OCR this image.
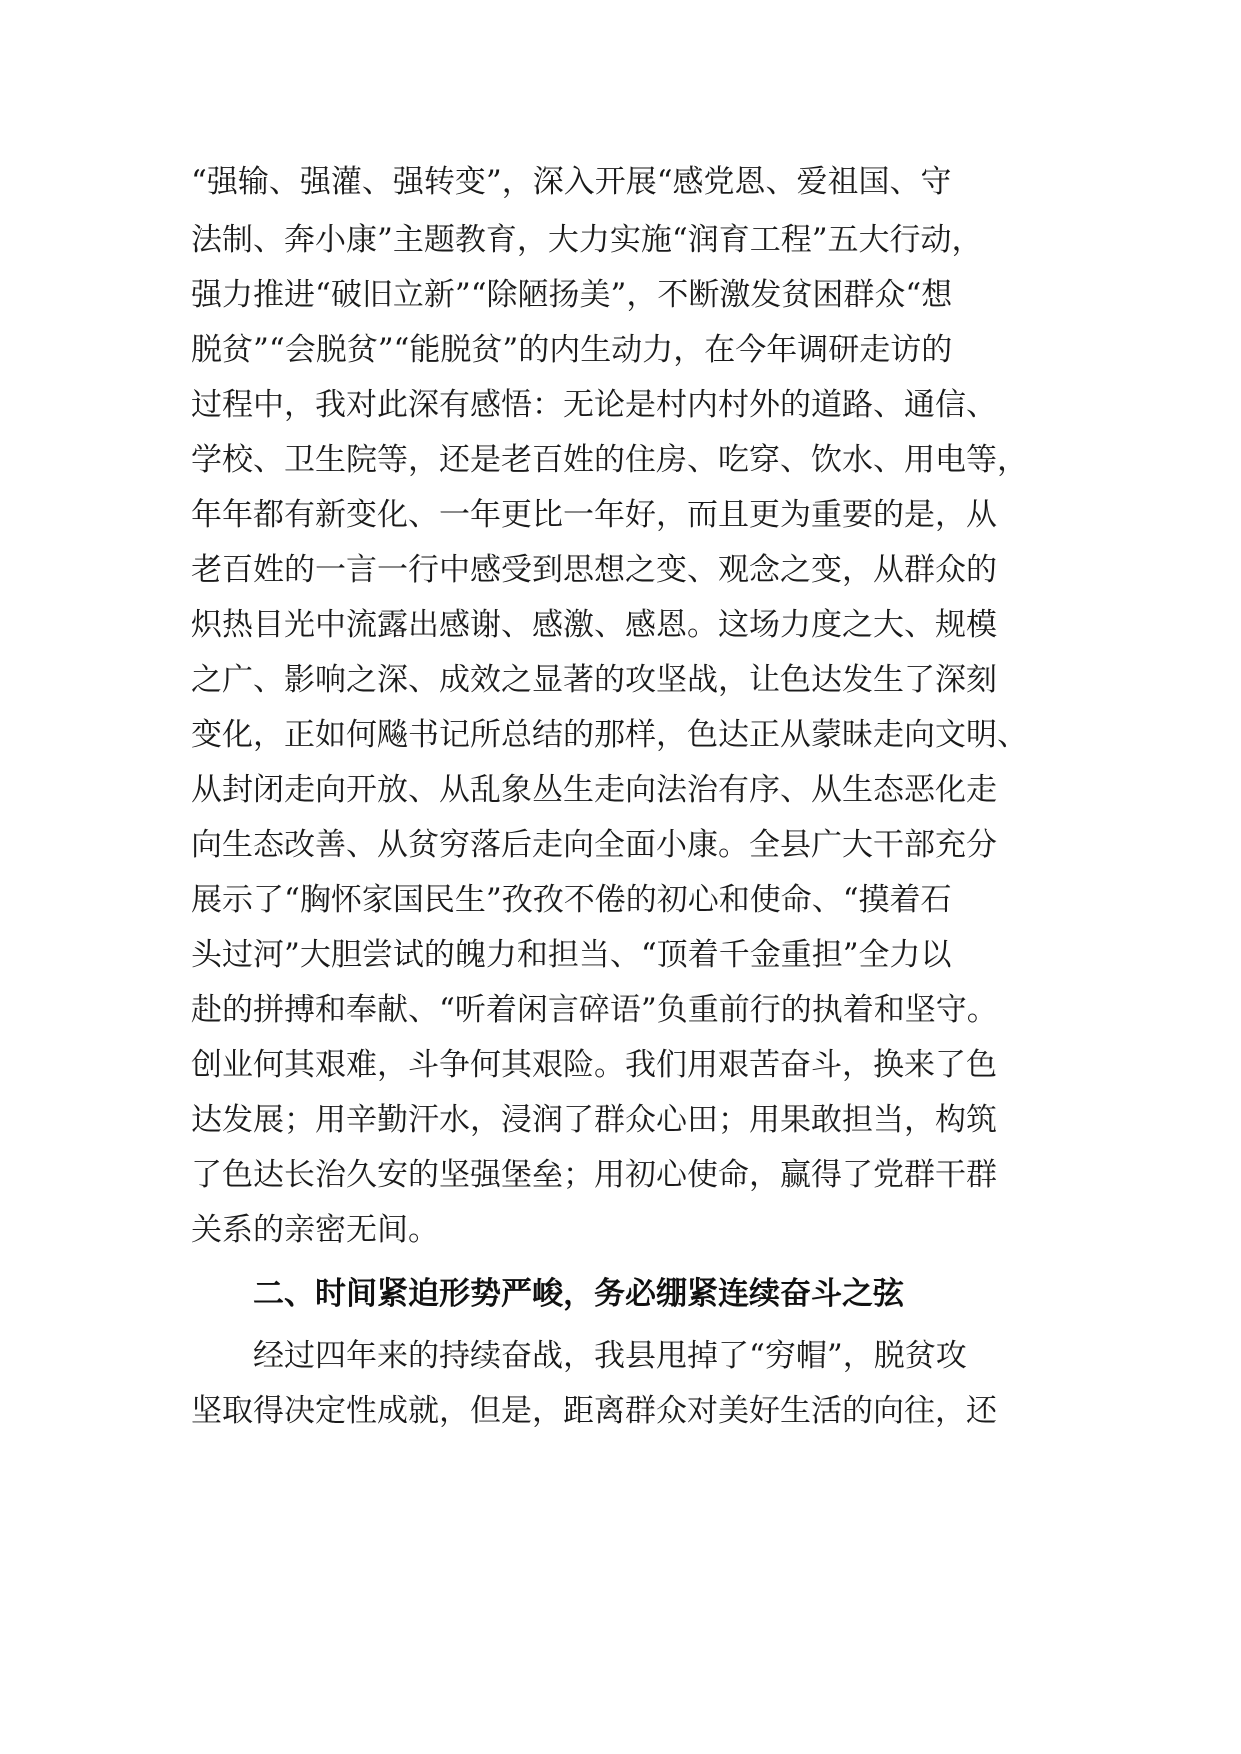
“强输、强灌、强转变”，深入开展“感党恩、爱祖国、守
法制、奔小康”主题教育，大力实施“润育工程”五大行动，
强力推进“破旧立新”“除陋扬美”，不断激发贫困群众“想
脱贫”“会脱贫”“能脱贫”的内生动力，在今年调研走访的
过程中，我对此深有感悟：无论是村内村外的道路、通信、
学校、卫生院等，还是老百姓的住房、吃穿、饮水、用电等，
年年都有新变化、一年更比一年好，而且更为重要的是，从
老百姓的一言一行中感受到思想之变、观念之变，从群众的
炽热目光中流露出感谢、感激、感恩。这场力度之大、规模
之广、影响之深、成效之显著的攻坚战，让色达发生了深刻
变化，正如何飚书记所总结的那样，色达正从蒙昧走向文明、
从封闭走向开放、从乱象丛生走向法治有序、从生态恶化走
向生态改善、从贫穷落后走向全面小康。全县广大干部充分
展示了“胸怀家国民生”孜孜不倦的初心和使命、“摸着石
头过河”大胆尝试的魄力和担当、“顶着千金重担”全力以
赴的拼搏和奉献、“听着闲言碎语”负重前行的执着和坚守。
创业何其艰难，斗争何其艰险。我们用艰苦奋斗，换来了色
达发展；用辛勤汗水，浸润了群众心田；用果敢担当，构筑
了色达长治久安的坚强堡垒；用初心使命，赢得了党群干群
关系的亲密无间。
二、时间紧迫形势严峻，务必绷紧连续奋斗之弦
经过四年来的持续奋战，我县甩掉了“穷帽”，脱贫攻
坚取得决定性成就，但是，距离群众对美好生活的向往，还
